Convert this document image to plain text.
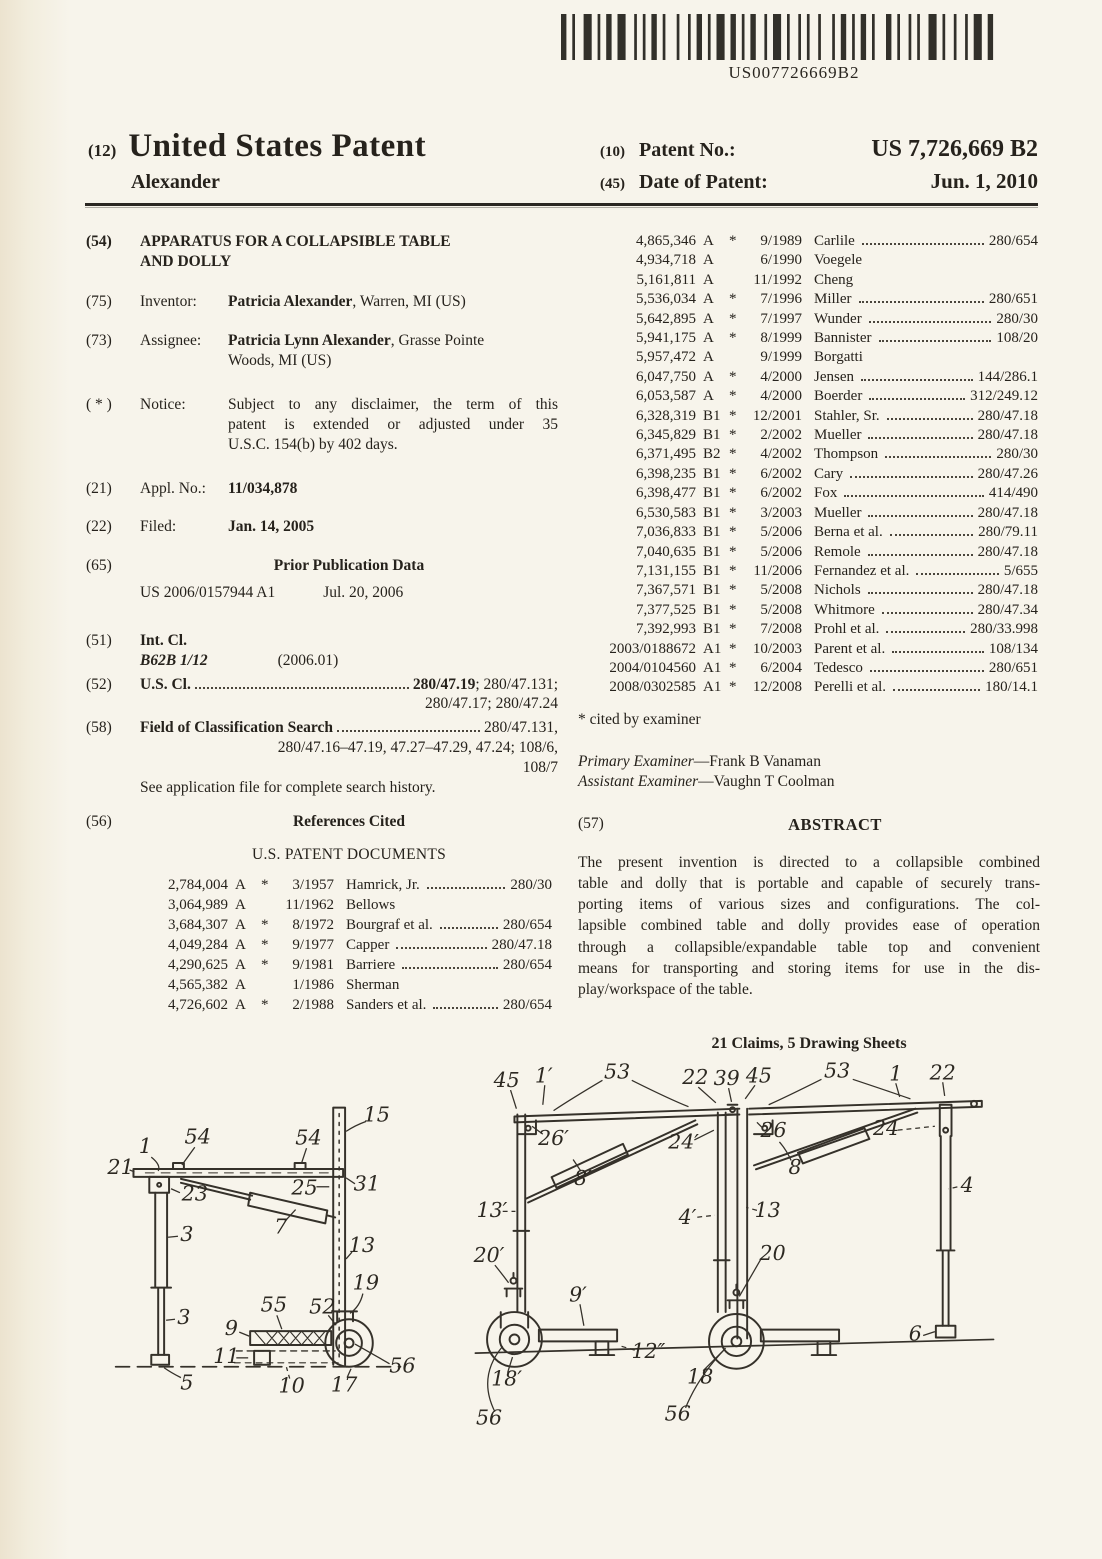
US007726669B2
(12) United States Patent
Alexander
(10) Patent No.:	US 7,726,669 B2
(45) Date of Patent:	Jun. 1, 2010
(54)	APPARATUS FOR A COLLAPSIBLE TABLE
AND DOLLY
(75)	Inventor:	Patricia Alexander, Warren, MI (US)
(73)	Assignee:	Patricia Lynn Alexander, Grasse Pointe
Woods, MI (US)
( * )	Notice:	Subject to any disclaimer, the term of this
patent is extended or adjusted under 35
U.S.C. 154(b) by 402 days.
(21)	Appl. No.:	11/034,878
(22)	Filed:	Jan. 14, 2005
(65)	Prior Publication Data
US 2006/0157944 A1	Jul. 20, 2006
(51)	Int. Cl.
B62B 1/12	(2006.01)
(52)	U.S. Cl.	280/47.19; 280/47.131;
280/47.17; 280/47.24
(58)	Field of Classification Search	280/47.131,
280/47.16–47.19, 47.27–47.29, 47.24; 108/6,
108/7
See application file for complete search history.
(56)	References Cited
U.S. PATENT DOCUMENTS
2,784,004 A	*	3/1957 Hamrick, Jr.	280/30
3,064,989 A	11/1962 Bellows
3,684,307 A	*	8/1972 Bourgraf et al.	280/654
4,049,284 A	*	9/1977 Capper	280/47.18
4,290,625 A	*	9/1981 Barriere	280/654
4,565,382 A	1/1986 Sherman
4,726,602 A	*	2/1988 Sanders et al.	280/654
4,865,346 A	*	9/1989 Carlile	280/654
4,934,718 A	6/1990 Voegele
5,161,811 A	11/1992 Cheng
5,536,034 A	*	7/1996 Miller	280/651
5,642,895 A	*	7/1997 Wunder	280/30
5,941,175 A	*	8/1999 Bannister	108/20
5,957,472 A	9/1999 Borgatti
6,047,750 A	*	4/2000 Jensen	144/286.1
6,053,587 A	*	4/2000 Boerder	312/249.12
6,328,319 B1 *	12/2001 Stahler, Sr.	280/47.18
6,345,829 B1 *	2/2002 Mueller	280/47.18
6,371,495 B2 *	4/2002 Thompson	280/30
6,398,235 B1 *	6/2002 Cary	280/47.26
6,398,477 B1 *	6/2002 Fox	414/490
6,530,583 B1 *	3/2003 Mueller	280/47.18
7,036,833 B1 *	5/2006 Berna et al.	280/79.11
7,040,635 B1 *	5/2006 Remole	280/47.18
7,131,155 B1 *	11/2006 Fernandez et al.	5/655
7,367,571 B1 *	5/2008 Nichols	280/47.18
7,377,525 B1 *	5/2008 Whitmore	280/47.34
7,392,993 B1 *	7/2008 Prohl et al.	280/33.998
2003/0188672 A1 *	10/2003 Parent et al.	108/134
2004/0104560 A1 *	6/2004 Tedesco	280/651
2008/0302585 A1 *	12/2008 Perelli et al.	180/14.1
* cited by examiner
Primary Examiner—Frank B Vanaman
Assistant Examiner—Vaughn T Coolman
(57)	ABSTRACT
The present invention is directed to a collapsible combined
table and dolly that is portable and capable of securely trans-
porting items of various sizes and configurations. The col-
lapsible combined table and dolly provides ease of operation
through a collapsible/expandable table top and convenient
means for transporting and storing items for use in the dis-
play/workspace of the table.
21 Claims, 5 Drawing Sheets
15
1 54	54
21
23	25 31
7
3	13
19
3
55 52
9
11
5	10 17
56
45 1′ 53 22 39 45 53 1 22
26′	24′	26	24
8′	8
4
13′	4′	13
20′	20
9′
12″
6
18′
56
18
56
